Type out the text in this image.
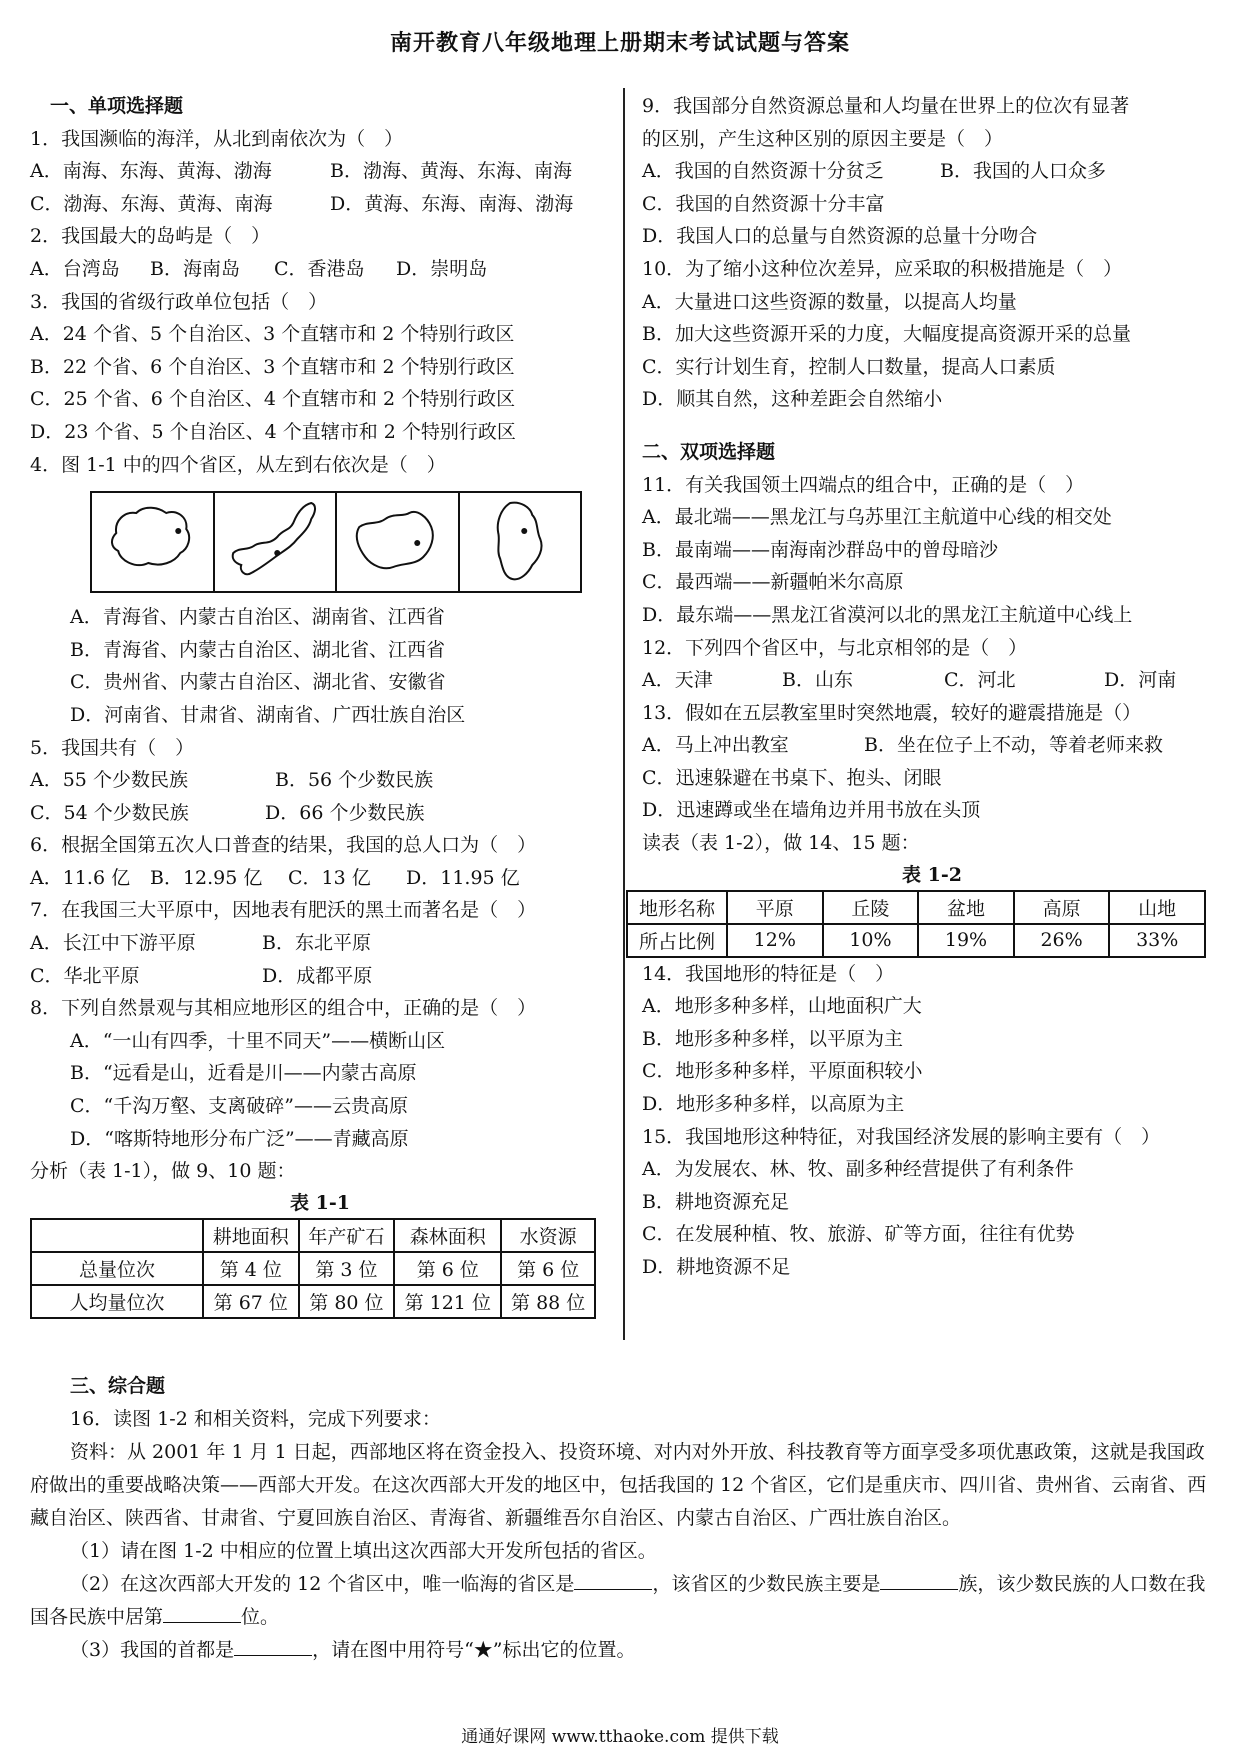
南开教育八年级地理上册期末考试试题与答案
一、单项选择题
1．我国濒临的海洋，从北到南依次为（　）
A．南海、东海、黄海、渤海	B．渤海、黄海、东海、南海
C．渤海、东海、黄海、南海	D．黄海、东海、南海、渤海
2．我国最大的岛屿是（　）
A．台湾岛	B．海南岛	C．香港岛	D．崇明岛
3．我国的省级行政单位包括（　）
A．24 个省、5 个自治区、3 个直辖市和 2 个特别行政区
B．22 个省、6 个自治区、3 个直辖市和 2 个特别行政区
C．25 个省、6 个自治区、4 个直辖市和 2 个特别行政区
D．23 个省、5 个自治区、4 个直辖市和 2 个特别行政区
4．图 1-1 中的四个省区，从左到右依次是（　）
A．青海省、内蒙古自治区、湖南省、江西省
B．青海省、内蒙古自治区、湖北省、江西省
C．贵州省、内蒙古自治区、湖北省、安徽省
D．河南省、甘肃省、湖南省、广西壮族自治区
5．我国共有（　）
A．55 个少数民族	B．56 个少数民族
C．54 个少数民族	D．66 个少数民族
6．根据全国第五次人口普查的结果，我国的总人口为（　）
A．11.6 亿	B．12.95 亿	C．13 亿	D．11.95 亿
7．在我国三大平原中，因地表有肥沃的黑土而著名是（　）
A．长江中下游平原	B．东北平原
C．华北平原	D．成都平原
8．下列自然景观与其相应地形区的组合中，正确的是（　）
A．“一山有四季，十里不同天”——横断山区
B．“远看是山，近看是川——内蒙古高原
C．“千沟万壑、支离破碎”——云贵高原
D．“喀斯特地形分布广泛”——青藏高原
分析（表 1-1），做 9、10 题：
表 1-1
	耕地面积	年产矿石	森林面积	水资源
总量位次	第 4 位	第 3 位	第 6 位	第 6 位
人均量位次	第 67 位	第 80 位	第 121 位	第 88 位
9．我国部分自然资源总量和人均量在世界上的位次有显著
的区别，产生这种区别的原因主要是（　）
A．我国的自然资源十分贫乏	B．我国的人口众多
C．我国的自然资源十分丰富
D．我国人口的总量与自然资源的总量十分吻合
10．为了缩小这种位次差异，应采取的积极措施是（　）
A．大量进口这些资源的数量，以提高人均量
B．加大这些资源开采的力度，大幅度提高资源开采的总量
C．实行计划生育，控制人口数量，提高人口素质
D．顺其自然，这种差距会自然缩小
二、双项选择题
11．有关我国领土四端点的组合中，正确的是（　）
A．最北端——黑龙江与乌苏里江主航道中心线的相交处
B．最南端——南海南沙群岛中的曾母暗沙
C．最西端——新疆帕米尔高原
D．最东端——黑龙江省漠河以北的黑龙江主航道中心线上
12．下列四个省区中，与北京相邻的是（　）
A．天津	B．山东	C．河北	D．河南
13．假如在五层教室里时突然地震，较好的避震措施是（）
A．马上冲出教室	B．坐在位子上不动，等着老师来救
C．迅速躲避在书桌下、抱头、闭眼
D．迅速蹲或坐在墙角边并用书放在头顶
读表（表 1-2），做 14、15 题：
表 1-2
地形名称	平原	丘陵	盆地	高原	山地
所占比例	12%	10%	19%	26%	33%
14．我国地形的特征是（　）
A．地形多种多样，山地面积广大
B．地形多种多样，以平原为主
C．地形多种多样，平原面积较小
D．地形多种多样，以高原为主
15．我国地形这种特征，对我国经济发展的影响主要有（　）
A．为发展农、林、牧、副多种经营提供了有利条件
B．耕地资源充足
C．在发展种植、牧、旅游、矿等方面，往往有优势
D．耕地资源不足
三、综合题
16．读图 1-2 和相关资料，完成下列要求：
资料：从 2001 年 1 月 1 日起，西部地区将在资金投入、投资环境、对内对外开放、科技教育等方面享受多项优惠政策，这就是我国政府做出的重要战略决策——西部大开发。在这次西部大开发的地区中，包括我国的 12 个省区，它们是重庆市、四川省、贵州省、云南省、西藏自治区、陕西省、甘肃省、宁夏回族自治区、青海省、新疆维吾尔自治区、内蒙古自治区、广西壮族自治区。
（1）请在图 1-2 中相应的位置上填出这次西部大开发所包括的省区。
（2）在这次西部大开发的 12 个省区中，唯一临海的省区是	，该省区的少数民族主要是	族，该少数民族的人口数在我国各民族中居第	位。
（3）我国的首都是	，请在图中用符号“★”标出它的位置。
通通好课网 www.tthaoke.com 提供下载
